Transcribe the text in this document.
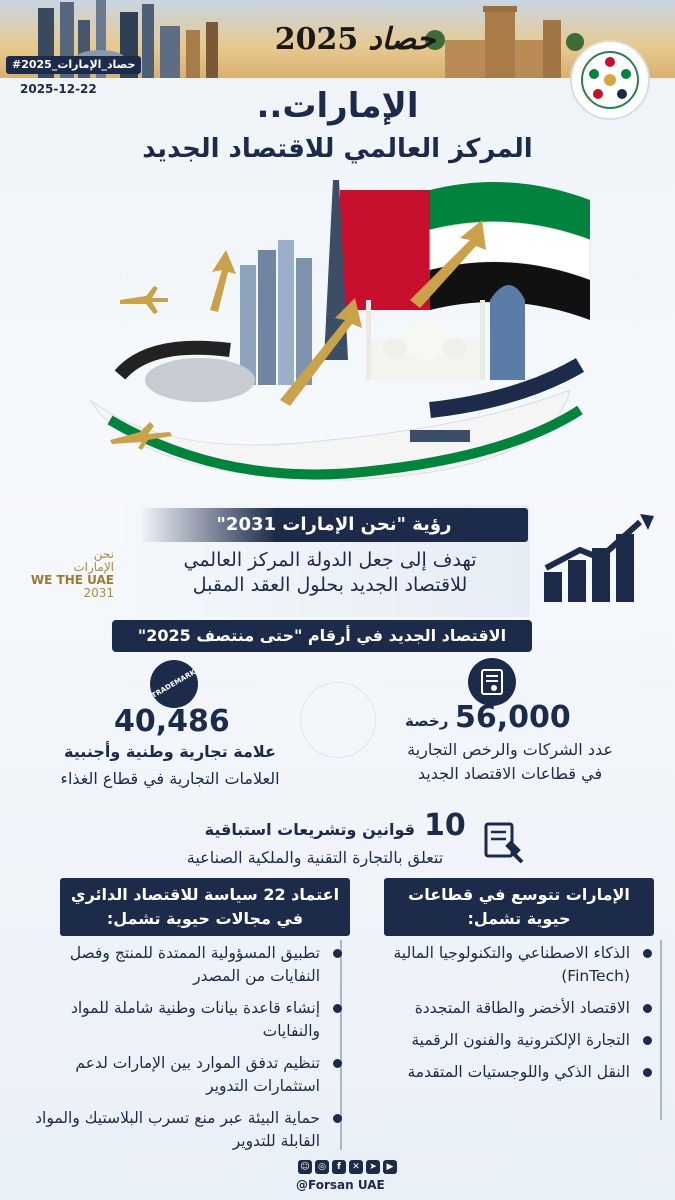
2025 حصاد
#حصاد_الإمارات_2025
2025-12-22	الإمارات..
المركز العالمي للاقتصاد الجديد
رؤية "نحن الإمارات 2031"
تهدف إلى جعل الدولة المركز العالمي
للاقتصاد الجديد بحلول العقد المقبل
نحن
الإمارات
WE THE UAE
2031
الاقتصاد الجديد في أرقام "حتى منتصف 2025"
56,000
رخصة
عدد الشركات والرخص التجارية
في قطاعات الاقتصاد الجديد
TRADEMARK
40,486
علامة تجارية وطنية وأجنبية
العلامات التجارية في قطاع الغذاء
10
قوانين وتشريعات استباقية
تتعلق بالتجارة التقنية والملكية الصناعية
الإمارات تتوسع في قطاعات
حيوية تشمل:
الذكاء الاصطناعي والتكنولوجيا المالية (FinTech)
الاقتصاد الأخضر والطاقة المتجددة
التجارة الإلكترونية والفنون الرقمية
النقل الذكي واللوجستيات المتقدمة
اعتماد 22 سياسة للاقتصاد الدائري
في مجالات حيوية تشمل:
تطبيق المسؤولية الممتدة للمنتج وفصل النفايات من المصدر
إنشاء قاعدة بيانات وطنية شاملة للمواد والنفايات
تنظيم تدفق الموارد بين الإمارات لدعم استثمارات التدوير
حماية البيئة عبر منع تسرب البلاستيك والمواد القابلة للتدوير
☺ ◎	f	✕	➤	▶
@Forsan UAE
